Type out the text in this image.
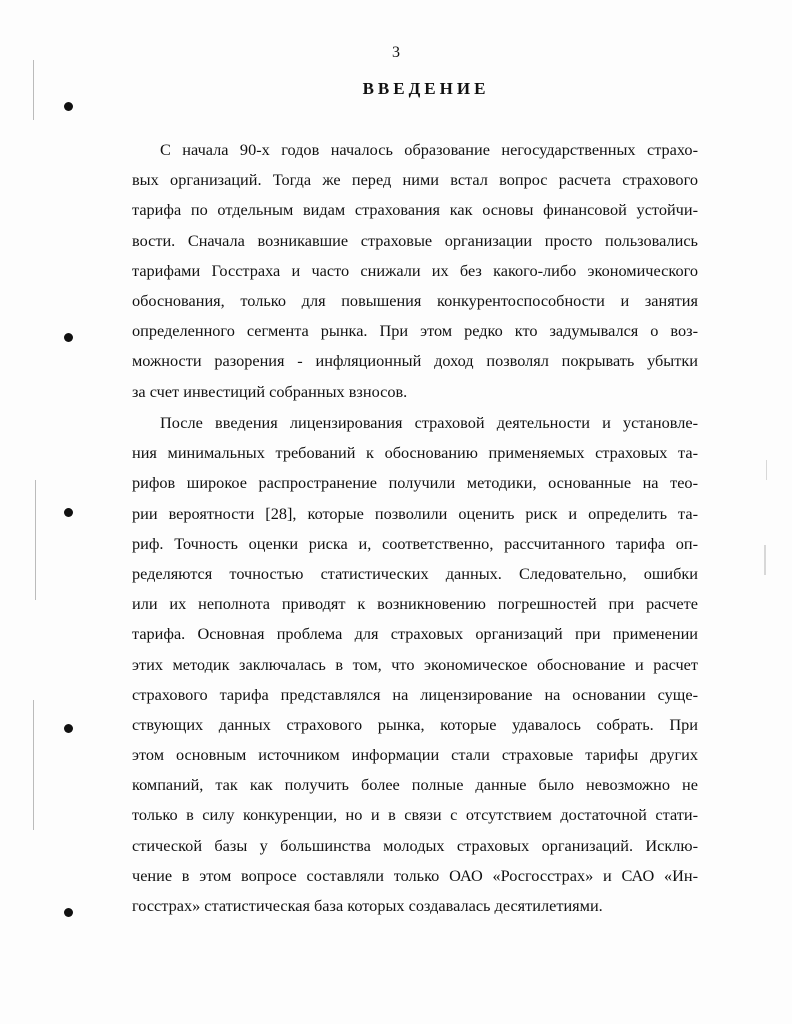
3
ВВЕДЕНИЕ
С начала 90-х годов началось образование негосударственных страхо-
вых организаций. Тогда же перед ними встал вопрос расчета страхового
тарифа по отдельным видам страхования как основы финансовой устойчи-
вости. Сначала возникавшие страховые организации просто пользовались
тарифами Госстраха и часто снижали их без какого-либо экономического
обоснования, только для повышения конкурентоспособности и занятия
определенного сегмента рынка. При этом редко кто задумывался о воз-
можности разорения - инфляционный доход позволял покрывать убытки
за счет инвестиций собранных взносов.
После введения лицензирования страховой деятельности и установле-
ния минимальных требований к обоснованию применяемых страховых та-
рифов широкое распространение получили методики, основанные на тео-
рии вероятности [28], которые позволили оценить риск и определить та-
риф. Точность оценки риска и, соответственно, рассчитанного тарифа оп-
ределяются точностью статистических данных. Следовательно, ошибки
или их неполнота приводят к возникновению погрешностей при расчете
тарифа. Основная проблема для страховых организаций при применении
этих методик заключалась в том, что экономическое обоснование и расчет
страхового тарифа представлялся на лицензирование на основании суще-
ствующих данных страхового рынка, которые удавалось собрать. При
этом основным источником информации стали страховые тарифы других
компаний, так как получить более полные данные было невозможно не
только в силу конкуренции, но и в связи с отсутствием достаточной стати-
стической базы у большинства молодых страховых организаций. Исклю-
чение в этом вопросе составляли только ОАО «Росгосстрах» и САО «Ин-
госстрах» статистическая база которых создавалась десятилетиями.
